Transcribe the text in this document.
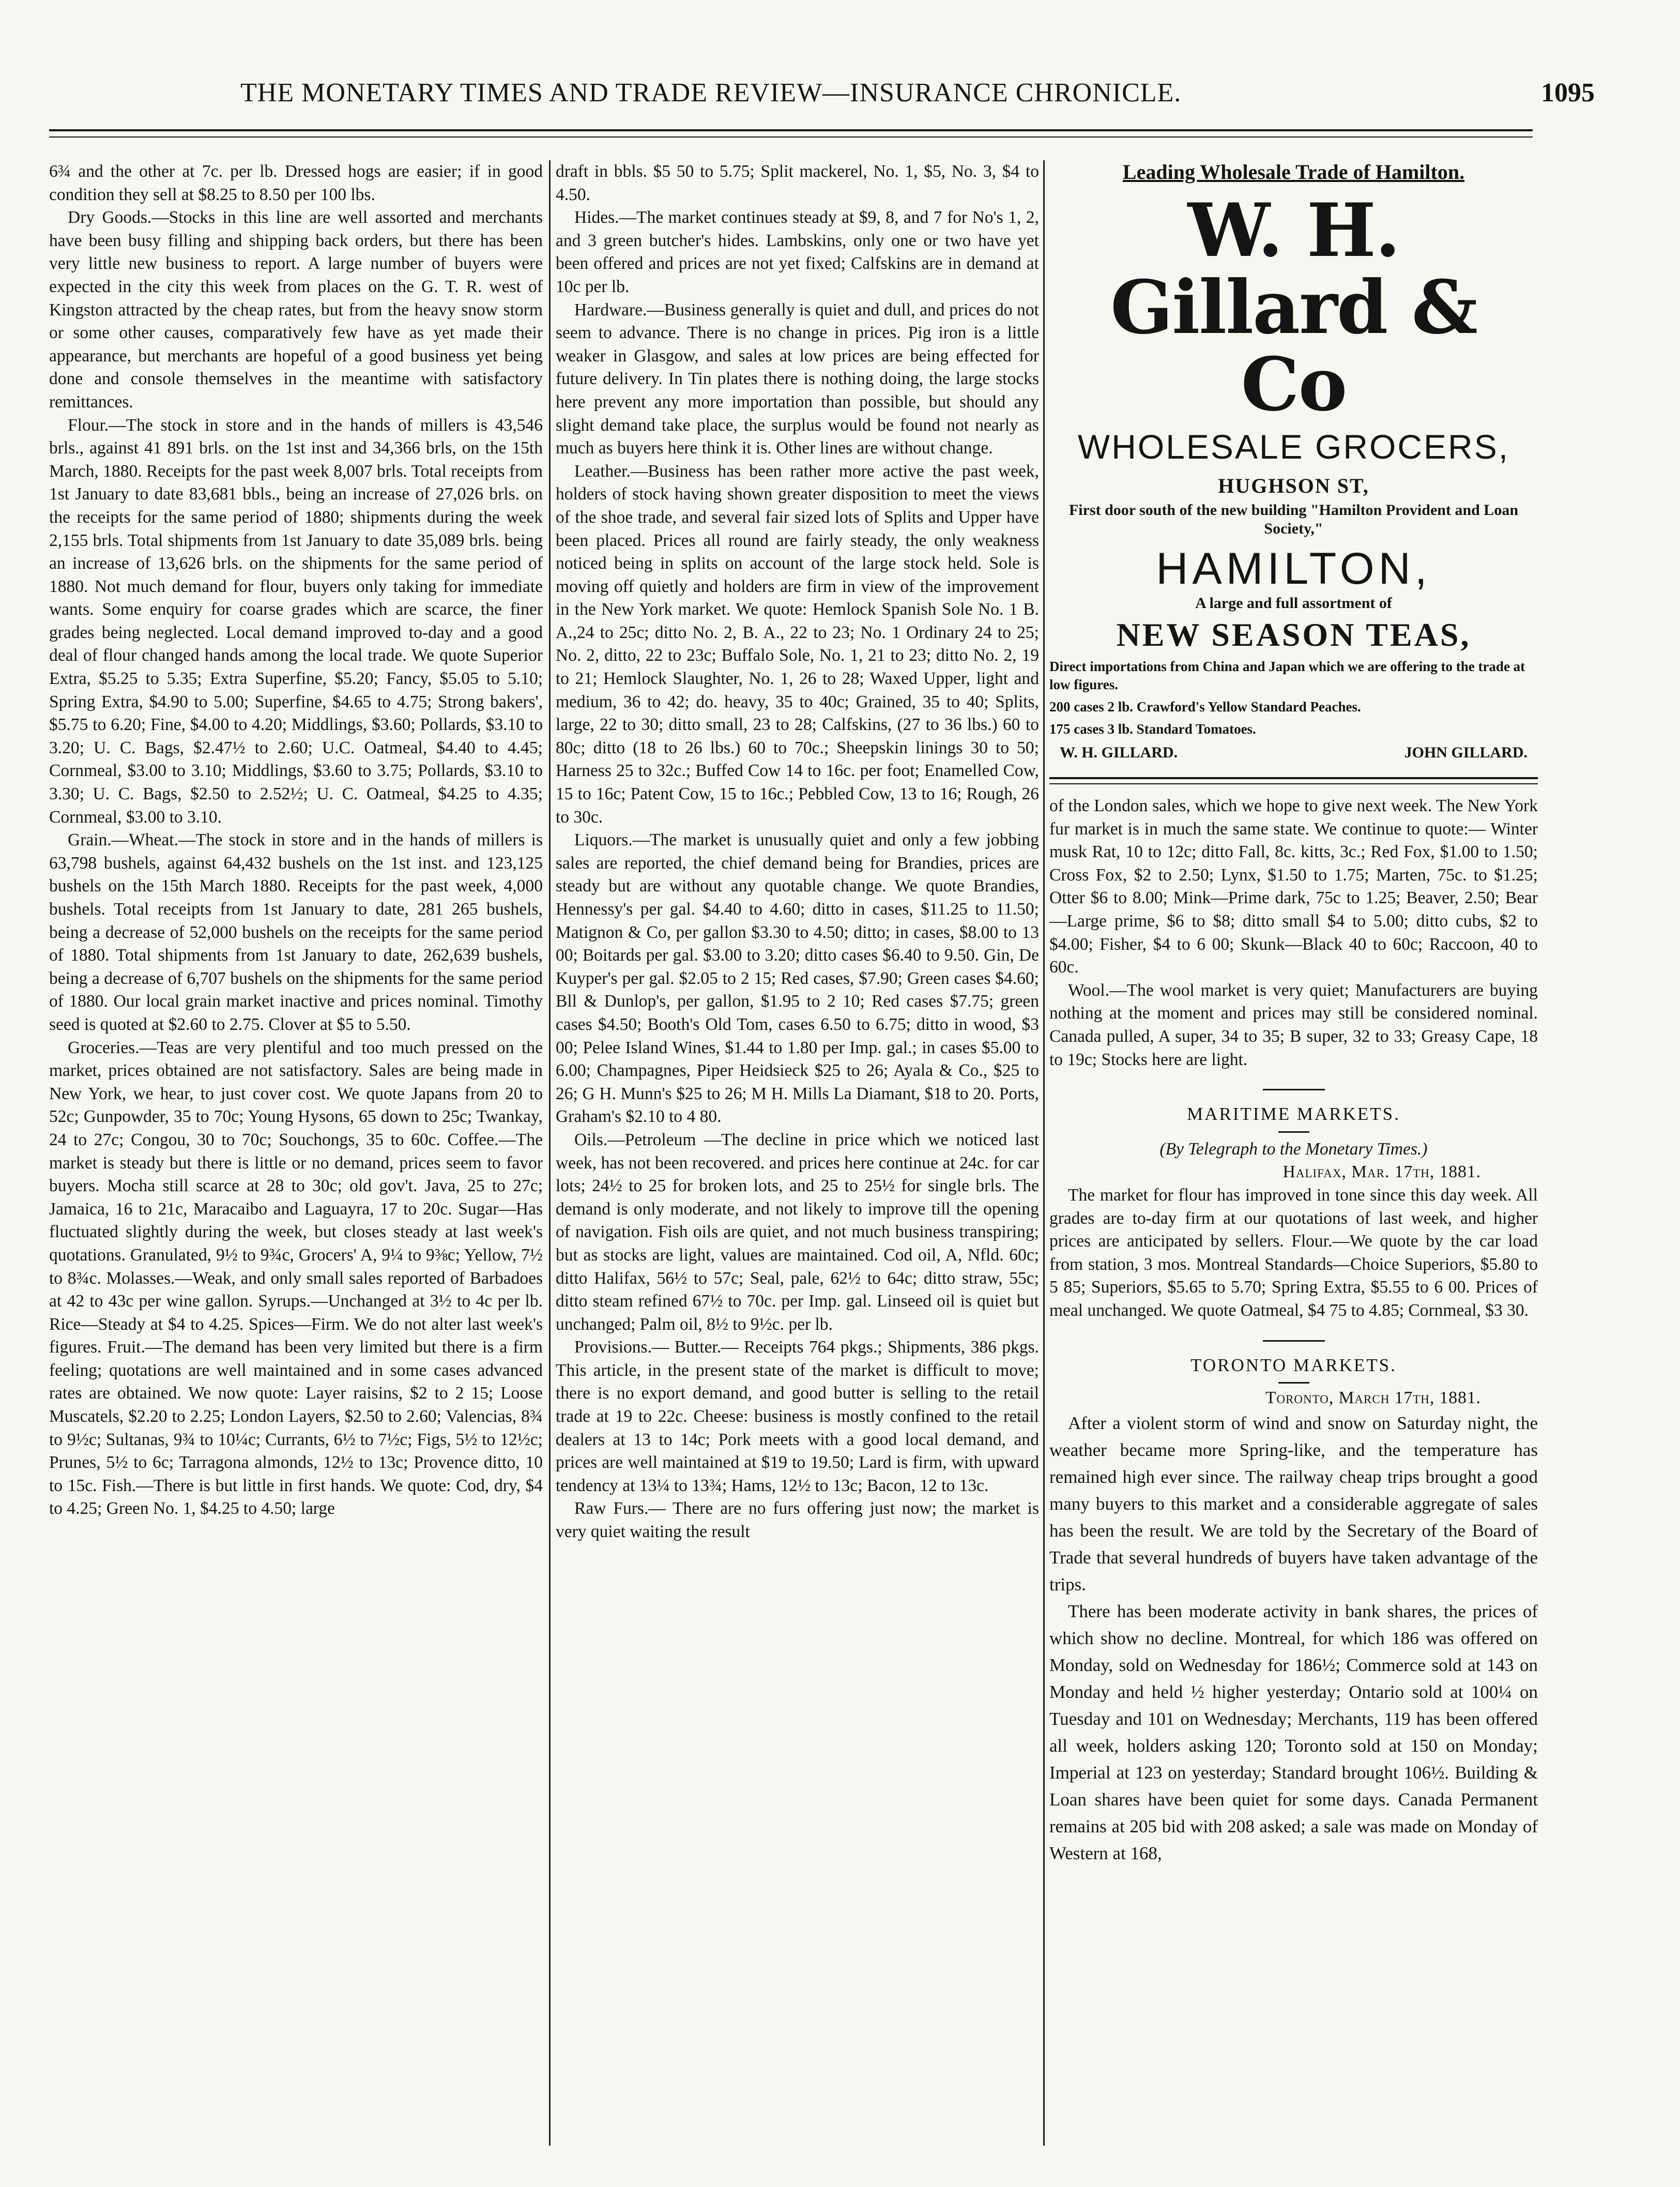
THE MONETARY TIMES AND TRADE REVIEW—INSURANCE CHRONICLE.	1095

6¾ and the other at 7c. per lb. Dressed hogs are easier; if in good condition they sell at $8.25 to 8.50 per 100 lbs.

Dry Goods.—Stocks in this line are well assorted and merchants have been busy filling and shipping back orders, but there has been very little new business to report. A large number of buyers were expected in the city this week from places on the G. T. R. west of Kingston attracted by the cheap rates, but from the heavy snow storm or some other causes, comparatively few have as yet made their appearance, but merchants are hopeful of a good business yet being done and console themselves in the meantime with satisfactory remittances.

Flour.—The stock in store and in the hands of millers is 43,546 brls., against 41 891 brls. on the 1st inst and 34,366 brls, on the 15th March, 1880. Receipts for the past week 8,007 brls. Total receipts from 1st January to date 83,681 bbls., being an increase of 27,026 brls. on the receipts for the same period of 1880; shipments during the week 2,155 brls. Total shipments from 1st January to date 35,089 brls. being an increase of 13,626 brls. on the shipments for the same period of 1880. Not much demand for flour, buyers only taking for immediate wants. Some enquiry for coarse grades which are scarce, the finer grades being neglected. Local demand improved to-day and a good deal of flour changed hands among the local trade. We quote Superior Extra, $5.25 to 5.35; Extra Superfine, $5.20; Fancy, $5.05 to 5.10; Spring Extra, $4.90 to 5.00; Superfine, $4.65 to 4.75; Strong bakers', $5.75 to 6.20; Fine, $4.00 to 4.20; Middlings, $3.60; Pollards, $3.10 to 3.20; U. C. Bags, $2.47½ to 2.60; U.C. Oatmeal, $4.40 to 4.45; Cornmeal, $3.00 to 3.10; Middlings, $3.60 to 3.75; Pollards, $3.10 to 3.30; U. C. Bags, $2.50 to 2.52½; U. C. Oatmeal, $4.25 to 4.35; Cornmeal, $3.00 to 3.10.

Grain.—Wheat.—The stock in store and in the hands of millers is 63,798 bushels, against 64,432 bushels on the 1st inst. and 123,125 bushels on the 15th March 1880. Receipts for the past week, 4,000 bushels. Total receipts from 1st January to date, 281 265 bushels, being a decrease of 52,000 bushels on the receipts for the same period of 1880. Total shipments from 1st January to date, 262,639 bushels, being a decrease of 6,707 bushels on the shipments for the same period of 1880. Our local grain market inactive and prices nominal. Timothy seed is quoted at $2.60 to 2.75. Clover at $5 to 5.50.

Groceries.—Teas are very plentiful and too much pressed on the market, prices obtained are not satisfactory. Sales are being made in New York, we hear, to just cover cost. We quote Japans from 20 to 52c; Gunpowder, 35 to 70c; Young Hysons, 65 down to 25c; Twankay, 24 to 27c; Congou, 30 to 70c; Souchongs, 35 to 60c. Coffee.—The market is steady but there is little or no demand, prices seem to favor buyers. Mocha still scarce at 28 to 30c; old gov't. Java, 25 to 27c; Jamaica, 16 to 21c, Maracaibo and Laguayra, 17 to 20c. Sugar—Has fluctuated slightly during the week, but closes steady at last week's quotations. Granulated, 9½ to 9¾c, Grocers' A, 9¼ to 9⅜c; Yellow, 7½ to 8¾c. Molasses.—Weak, and only small sales reported of Barbadoes at 42 to 43c per wine gallon. Syrups.—Unchanged at 3½ to 4c per lb. Rice—Steady at $4 to 4.25. Spices—Firm. We do not alter last week's figures. Fruit.—The demand has been very limited but there is a firm feeling; quotations are well maintained and in some cases advanced rates are obtained. We now quote: Layer raisins, $2 to 2 15; Loose Muscatels, $2.20 to 2.25; London Layers, $2.50 to 2.60; Valencias, 8¾ to 9½c; Sultanas, 9¾ to 10¼c; Currants, 6½ to 7½c; Figs, 5½ to 12½c; Prunes, 5½ to 6c; Tarragona almonds, 12½ to 13c; Provence ditto, 10 to 15c. Fish.—There is but little in first hands. We quote: Cod, dry, $4 to 4.25; Green No. 1, $4.25 to 4.50; large

draft in bbls. $5 50 to 5.75; Split mackerel, No. 1, $5, No. 3, $4 to 4.50.

Hides.—The market continues steady at $9, 8, and 7 for No's 1, 2, and 3 green butcher's hides. Lambskins, only one or two have yet been offered and prices are not yet fixed; Calfskins are in demand at 10c per lb.

Hardware.—Business generally is quiet and dull, and prices do not seem to advance. There is no change in prices. Pig iron is a little weaker in Glasgow, and sales at low prices are being effected for future delivery. In Tin plates there is nothing doing, the large stocks here prevent any more importation than possible, but should any slight demand take place, the surplus would be found not nearly as much as buyers here think it is. Other lines are without change.

Leather.—Business has been rather more active the past week, holders of stock having shown greater disposition to meet the views of the shoe trade, and several fair sized lots of Splits and Upper have been placed. Prices all round are fairly steady, the only weakness noticed being in splits on account of the large stock held. Sole is moving off quietly and holders are firm in view of the improvement in the New York market. We quote: Hemlock Spanish Sole No. 1 B. A.,24 to 25c; ditto No. 2, B. A., 22 to 23; No. 1 Ordinary 24 to 25; No. 2, ditto, 22 to 23c; Buffalo Sole, No. 1, 21 to 23; ditto No. 2, 19 to 21; Hemlock Slaughter, No. 1, 26 to 28; Waxed Upper, light and medium, 36 to 42; do. heavy, 35 to 40c; Grained, 35 to 40; Splits, large, 22 to 30; ditto small, 23 to 28; Calfskins, (27 to 36 lbs.) 60 to 80c; ditto (18 to 26 lbs.) 60 to 70c.; Sheepskin linings 30 to 50; Harness 25 to 32c.; Buffed Cow 14 to 16c. per foot; Enamelled Cow, 15 to 16c; Patent Cow, 15 to 16c.; Pebbled Cow, 13 to 16; Rough, 26 to 30c.

Liquors.—The market is unusually quiet and only a few jobbing sales are reported, the chief demand being for Brandies, prices are steady but are without any quotable change. We quote Brandies, Hennessy's per gal. $4.40 to 4.60; ditto in cases, $11.25 to 11.50; Matignon & Co, per gallon $3.30 to 4.50; ditto; in cases, $8.00 to 13 00; Boitards per gal. $3.00 to 3.20; ditto cases $6.40 to 9.50. Gin, De Kuyper's per gal. $2.05 to 2 15; Red cases, $7.90; Green cases $4.60; Bll & Dunlop's, per gallon, $1.95 to 2 10; Red cases $7.75; green cases $4.50; Booth's Old Tom, cases 6.50 to 6.75; ditto in wood, $3 00; Pelee Island Wines, $1.44 to 1.80 per Imp. gal.; in cases $5.00 to 6.00; Champagnes, Piper Heidsieck $25 to 26; Ayala & Co., $25 to 26; G H. Munn's $25 to 26; M H. Mills La Diamant, $18 to 20. Ports, Graham's $2.10 to 4 80.

Oils.—Petroleum —The decline in price which we noticed last week, has not been recovered. and prices here continue at 24c. for car lots; 24½ to 25 for broken lots, and 25 to 25½ for single brls. The demand is only moderate, and not likely to improve till the opening of navigation. Fish oils are quiet, and not much business transpiring; but as stocks are light, values are maintained. Cod oil, A, Nfld. 60c; ditto Halifax, 56½ to 57c; Seal, pale, 62½ to 64c; ditto straw, 55c; ditto steam refined 67½ to 70c. per Imp. gal. Linseed oil is quiet but unchanged; Palm oil, 8½ to 9½c. per lb.

Provisions.— Butter.— Receipts 764 pkgs.; Shipments, 386 pkgs. This article, in the present state of the market is difficult to move; there is no export demand, and good butter is selling to the retail trade at 19 to 22c. Cheese: business is mostly confined to the retail dealers at 13 to 14c; Pork meets with a good local demand, and prices are well maintained at $19 to 19.50; Lard is firm, with upward tendency at 13¼ to 13¾; Hams, 12½ to 13c; Bacon, 12 to 13c.

Raw Furs.— There are no furs offering just now; the market is very quiet waiting the result

Leading Wholesale Trade of Hamilton.
W. H. Gillard & Co
WHOLESALE GROCERS,
HUGHSON ST,
First door south of the new building "Hamilton Provident and Loan Society,"
HAMILTON,
A large and full assortment of
NEW SEASON TEAS,
Direct importations from China and Japan which we are offering to the trade at low figures.
200 cases 2 lb. Crawford's Yellow Standard Peaches.
175 cases 3 lb. Standard Tomatoes.
W. H. GILLARD.	JOHN GILLARD.

of the London sales, which we hope to give next week. The New York fur market is in much the same state. We continue to quote:— Winter musk Rat, 10 to 12c; ditto Fall, 8c. kitts, 3c.; Red Fox, $1.00 to 1.50; Cross Fox, $2 to 2.50; Lynx, $1.50 to 1.75; Marten, 75c. to $1.25; Otter $6 to 8.00; Mink—Prime dark, 75c to 1.25; Beaver, 2.50; Bear—Large prime, $6 to $8; ditto small $4 to 5.00; ditto cubs, $2 to $4.00; Fisher, $4 to 6 00; Skunk—Black 40 to 60c; Raccoon, 40 to 60c.

Wool.—The wool market is very quiet; Manufacturers are buying nothing at the moment and prices may still be considered nominal. Canada pulled, A super, 34 to 35; B super, 32 to 33; Greasy Cape, 18 to 19c; Stocks here are light.

MARITIME MARKETS.
(By Telegraph to the Monetary Times.)
Halifax, Mar. 17th, 1881.

The market for flour has improved in tone since this day week. All grades are to-day firm at our quotations of last week, and higher prices are anticipated by sellers. Flour.—We quote by the car load from station, 3 mos. Montreal Standards—Choice Superiors, $5.80 to 5 85; Superiors, $5.65 to 5.70; Spring Extra, $5.55 to 6 00. Prices of meal unchanged. We quote Oatmeal, $4 75 to 4.85; Cornmeal, $3 30.

TORONTO MARKETS.
Toronto, March 17th, 1881.

After a violent storm of wind and snow on Saturday night, the weather became more Spring-like, and the temperature has remained high ever since. The railway cheap trips brought a good many buyers to this market and a considerable aggregate of sales has been the result. We are told by the Secretary of the Board of Trade that several hundreds of buyers have taken advantage of the trips.

There has been moderate activity in bank shares, the prices of which show no decline. Montreal, for which 186 was offered on Monday, sold on Wednesday for 186½; Commerce sold at 143 on Monday and held ½ higher yesterday; Ontario sold at 100¼ on Tuesday and 101 on Wednesday; Merchants, 119 has been offered all week, holders asking 120; Toronto sold at 150 on Monday; Imperial at 123 on yesterday; Standard brought 106½. Building & Loan shares have been quiet for some days. Canada Permanent remains at 205 bid with 208 asked; a sale was made on Monday of Western at 168,
